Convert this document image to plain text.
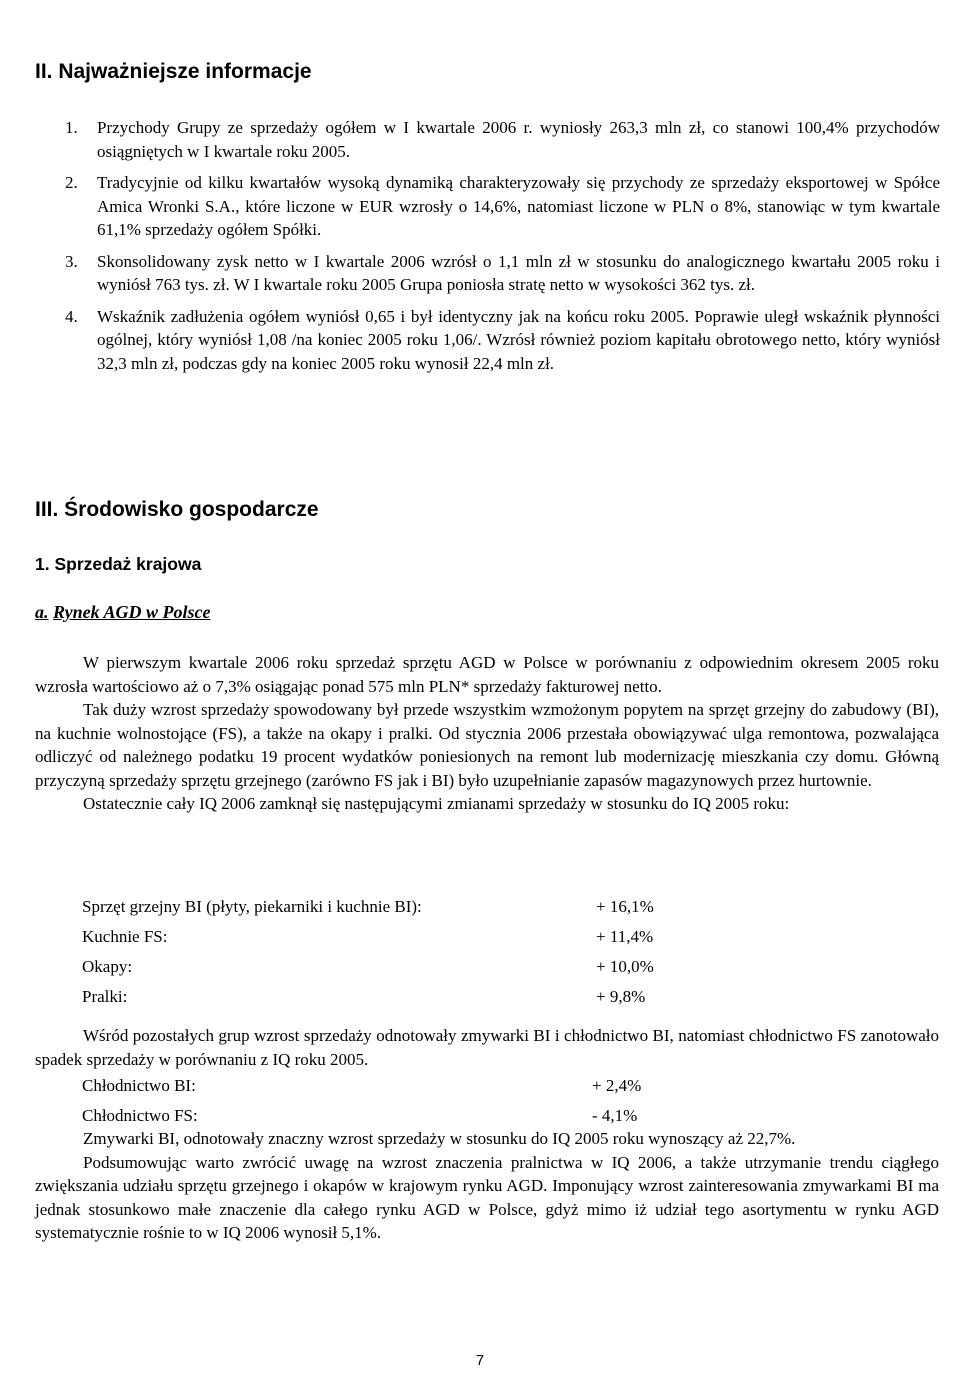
II. Najważniejsze informacje
1. Przychody Grupy ze sprzedaży ogółem w I kwartale 2006 r. wyniosły 263,3 mln zł, co stanowi 100,4% przychodów osiągniętych w I kwartale roku 2005.
2. Tradycyjnie od kilku kwartałów wysoką dynamiką charakteryzowały się przychody ze sprzedaży eksportowej w Spółce Amica Wronki S.A., które liczone w EUR wzrosły o 14,6%, natomiast liczone w PLN o 8%, stanowiąc w tym kwartale 61,1% sprzedaży ogółem Spółki.
3. Skonsolidowany zysk netto w I kwartale 2006 wzrósł o 1,1 mln zł w stosunku do analogicznego kwartału 2005 roku i wyniósł 763 tys. zł. W I kwartale roku 2005 Grupa poniosła stratę netto w wysokości 362 tys. zł.
4. Wskaźnik zadłużenia ogółem wyniósł 0,65 i był identyczny jak na końcu roku 2005. Poprawie uległ wskaźnik płynności ogólnej, który wyniósł 1,08 /na koniec 2005 roku 1,06/. Wzrósł również poziom kapitału obrotowego netto, który wyniósł 32,3 mln zł, podczas gdy na koniec 2005 roku wynosił 22,4 mln zł.
III. Środowisko gospodarcze
1. Sprzedaż krajowa
a. Rynek AGD w Polsce

W pierwszym kwartale 2006 roku sprzedaż sprzętu AGD w Polsce w porównaniu z odpowiednim okresem 2005 roku wzrosła wartościowo aż o 7,3% osiągając ponad 575 mln PLN* sprzedaży fakturowej netto.

Tak duży wzrost sprzedaży spowodowany był przede wszystkim wzmożonym popytem na sprzęt grzejny do zabudowy (BI), na kuchnie wolnostojące (FS), a także na okapy i pralki. Od stycznia 2006 przestała obowiązywać ulga remontowa, pozwalająca odliczyć od należnego podatku 19 procent wydatków poniesionych na remont lub modernizację mieszkania czy domu. Główną przyczyną sprzedaży sprzętu grzejnego (zarówno FS jak i BI) było uzupełnianie zapasów magazynowych przez hurtownie.

Ostatecznie cały IQ 2006 zamknął się następującymi zmianami sprzedaży w stosunku do IQ 2005 roku:

Sprzęt grzejny BI (płyty, piekarniki i kuchnie BI):	+ 16,1%
Kuchnie FS:	+ 11,4%
Okapy:	+ 10,0%
Pralki:	+ 9,8%

Wśród pozostałych grup wzrost sprzedaży odnotowały zmywarki BI i chłodnictwo BI, natomiast chłodnictwo FS zanotowało spadek sprzedaży w porównaniu z IQ roku 2005.

Chłodnictwo BI:	+ 2,4%
Chłodnictwo FS:	- 4,1%

Zmywarki BI, odnotowały znaczny wzrost sprzedaży w stosunku do IQ 2005 roku wynoszący aż 22,7%.

Podsumowując warto zwrócić uwagę na wzrost znaczenia pralnictwa w IQ 2006, a także utrzymanie trendu ciągłego zwiększania udziału sprzętu grzejnego i okapów w krajowym rynku AGD. Imponujący wzrost zainteresowania zmywarkami BI ma jednak stosunkowo małe znaczenie dla całego rynku AGD w Polsce, gdyż mimo iż udział tego asortymentu w rynku AGD systematycznie rośnie to w IQ 2006 wynosił 5,1%.

7
